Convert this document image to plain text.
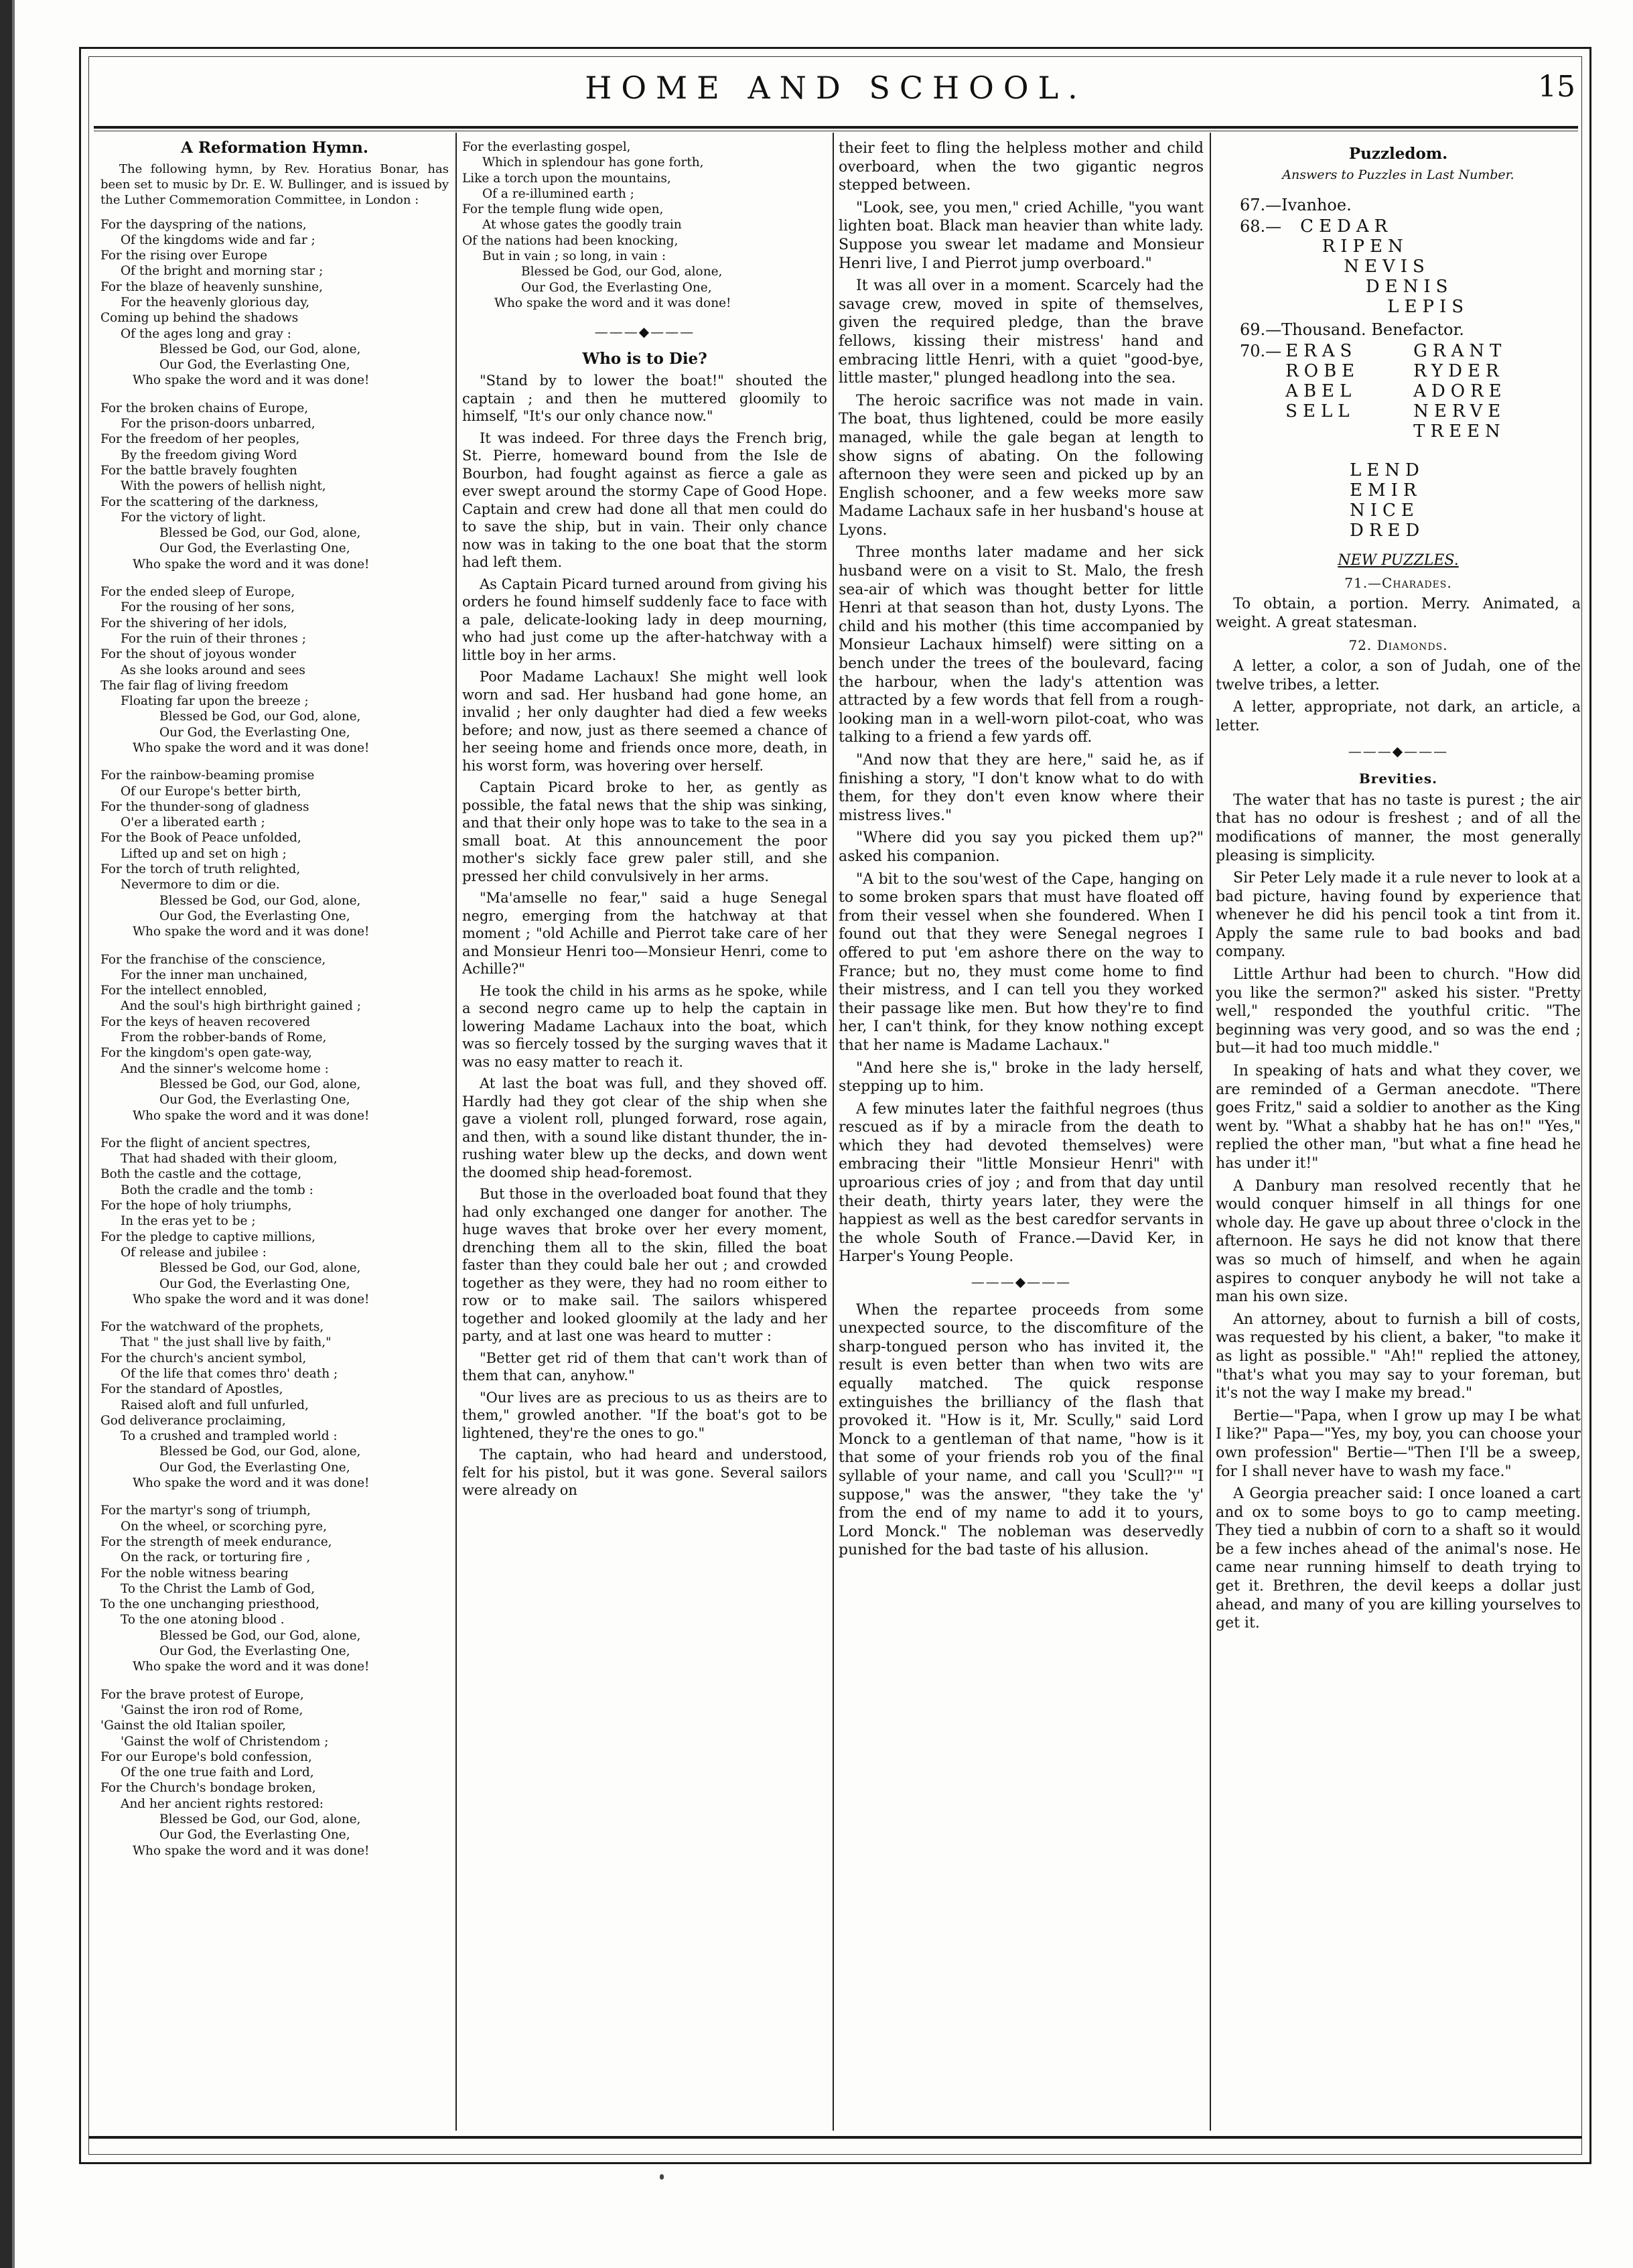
HOME AND SCHOOL.	15
A Reformation Hymn.

The following hymn, by Rev. Horatius Bonar, has been set to music by Dr. E. W. Bullinger, and is issued by the Luther Commemoration Committee, in London :

For the dayspring of the nations,
Of the kingdoms wide and far ;
For the rising over Europe
Of the bright and morning star ;
For the blaze of heavenly sunshine,
For the heavenly glorious day,
Coming up behind the shadows
Of the ages long and gray :
Blessed be God, our God, alone,
Our God, the Everlasting One,
Who spake the word and it was done!
For the broken chains of Europe,
For the prison-doors unbarred,
For the freedom of her peoples,
By the freedom giving Word
For the battle bravely foughten
With the powers of hellish night,
For the scattering of the darkness,
For the victory of light.
Blessed be God, our God, alone,
Our God, the Everlasting One,
Who spake the word and it was done!
For the ended sleep of Europe,
For the rousing of her sons,
For the shivering of her idols,
For the ruin of their thrones ;
For the shout of joyous wonder
As she looks around and sees
The fair flag of living freedom
Floating far upon the breeze ;
Blessed be God, our God, alone,
Our God, the Everlasting One,
Who spake the word and it was done!
For the rainbow-beaming promise
Of our Europe's better birth,
For the thunder-song of gladness
O'er a liberated earth ;
For the Book of Peace unfolded,
Lifted up and set on high ;
For the torch of truth relighted,
Nevermore to dim or die.
Blessed be God, our God, alone,
Our God, the Everlasting One,
Who spake the word and it was done!
For the franchise of the conscience,
For the inner man unchained,
For the intellect ennobled,
And the soul's high birthright gained ;
For the keys of heaven recovered
From the robber-bands of Rome,
For the kingdom's open gate-way,
And the sinner's welcome home :
Blessed be God, our God, alone,
Our God, the Everlasting One,
Who spake the word and it was done!
For the flight of ancient spectres,
That had shaded with their gloom,
Both the castle and the cottage,
Both the cradle and the tomb :
For the hope of holy triumphs,
In the eras yet to be ;
For the pledge to captive millions,
Of release and jubilee :
Blessed be God, our God, alone,
Our God, the Everlasting One,
Who spake the word and it was done!
For the watchward of the prophets,
That " the just shall live by faith,"
For the church's ancient symbol,
Of the life that comes thro' death ;
For the standard of Apostles,
Raised aloft and full unfurled,
God deliverance proclaiming,
To a crushed and trampled world :
Blessed be God, our God, alone,
Our God, the Everlasting One,
Who spake the word and it was done!
For the martyr's song of triumph,
On the wheel, or scorching pyre,
For the strength of meek endurance,
On the rack, or torturing fire ,
For the noble witness bearing
To the Christ the Lamb of God,
To the one unchanging priesthood,
To the one atoning blood .
Blessed be God, our God, alone,
Our God, the Everlasting One,
Who spake the word and it was done!
For the brave protest of Europe,
'Gainst the iron rod of Rome,
'Gainst the old Italian spoiler,
'Gainst the wolf of Christendom ;
For our Europe's bold confession,
Of the one true faith and Lord,
For the Church's bondage broken,
And her ancient rights restored:
Blessed be God, our God, alone,
Our God, the Everlasting One,
Who spake the word and it was done!
For the everlasting gospel,
Which in splendour has gone forth,
Like a torch upon the mountains,
Of a re-illumined earth ;
For the temple flung wide open,
At whose gates the goodly train
Of the nations had been knocking,
But in vain ; so long, in vain :
Blessed be God, our God, alone,
Our God, the Everlasting One,
Who spake the word and it was done!
———◆———
Who is to Die?

"Stand by to lower the boat!" shouted the captain ; and then he muttered gloomily to himself, "It's our only chance now."

It was indeed. For three days the French brig, St. Pierre, homeward bound from the Isle de Bourbon, had fought against as fierce a gale as ever swept around the stormy Cape of Good Hope. Captain and crew had done all that men could do to save the ship, but in vain. Their only chance now was in taking to the one boat that the storm had left them.

As Captain Picard turned around from giving his orders he found himself suddenly face to face with a pale, delicate-looking lady in deep mourning, who had just come up the after-hatchway with a little boy in her arms.

Poor Madame Lachaux! She might well look worn and sad. Her husband had gone home, an invalid ; her only daughter had died a few weeks before; and now, just as there seemed a chance of her seeing home and friends once more, death, in his worst form, was hovering over herself.

Captain Picard broke to her, as gently as possible, the fatal news that the ship was sinking, and that their only hope was to take to the sea in a small boat. At this announcement the poor mother's sickly face grew paler still, and she pressed her child convulsively in her arms.

"Ma'amselle no fear," said a huge Senegal negro, emerging from the hatchway at that moment ; "old Achille and Pierrot take care of her and Monsieur Henri too—Monsieur Henri, come to Achille?"

He took the child in his arms as he spoke, while a second negro came up to help the captain in lowering Madame Lachaux into the boat, which was so fiercely tossed by the surging waves that it was no easy matter to reach it.

At last the boat was full, and they shoved off. Hardly had they got clear of the ship when she gave a violent roll, plunged forward, rose again, and then, with a sound like distant thunder, the in-rushing water blew up the decks, and down went the doomed ship head-foremost.

But those in the overloaded boat found that they had only exchanged one danger for another. The huge waves that broke over her every moment, drenching them all to the skin, filled the boat faster than they could bale her out ; and crowded together as they were, they had no room either to row or to make sail. The sailors whispered together and looked gloomily at the lady and her party, and at last one was heard to mutter :

"Better get rid of them that can't work than of them that can, anyhow."

"Our lives are as precious to us as theirs are to them," growled another. "If the boat's got to be lightened, they're the ones to go."

The captain, who had heard and understood, felt for his pistol, but it was gone. Several sailors were already on

their feet to fling the helpless mother and child overboard, when the two gigantic negros stepped between.

"Look, see, you men," cried Achille, "you want lighten boat. Black man heavier than white lady. Suppose you swear let madame and Monsieur Henri live, I and Pierrot jump overboard."

It was all over in a moment. Scarcely had the savage crew, moved in spite of themselves, given the required pledge, than the brave fellows, kissing their mistress' hand and embracing little Henri, with a quiet "good-bye, little master," plunged headlong into the sea.

The heroic sacrifice was not made in vain. The boat, thus lightened, could be more easily managed, while the gale began at length to show signs of abating. On the following afternoon they were seen and picked up by an English schooner, and a few weeks more saw Madame Lachaux safe in her husband's house at Lyons.

Three months later madame and her sick husband were on a visit to St. Malo, the fresh sea-air of which was thought better for little Henri at that season than hot, dusty Lyons. The child and his mother (this time accompanied by Monsieur Lachaux himself) were sitting on a bench under the trees of the boulevard, facing the harbour, when the lady's attention was attracted by a few words that fell from a rough-looking man in a well-worn pilot-coat, who was talking to a friend a few yards off.

"And now that they are here," said he, as if finishing a story, "I don't know what to do with them, for they don't even know where their mistress lives."

"Where did you say you picked them up?" asked his companion.

"A bit to the sou'west of the Cape, hanging on to some broken spars that must have floated off from their vessel when she foundered. When I found out that they were Senegal negroes I offered to put 'em ashore there on the way to France; but no, they must come home to find their mistress, and I can tell you they worked their passage like men. But how they're to find her, I can't think, for they know nothing except that her name is Madame Lachaux."

"And here she is," broke in the lady herself, stepping up to him.

A few minutes later the faithful negroes (thus rescued as if by a miracle from the death to which they had devoted themselves) were embracing their "little Monsieur Henri" with uproarious cries of joy ; and from that day until their death, thirty years later, they were the happiest as well as the best caredfor servants in the whole South of France.—David Ker, in Harper's Young People.

———◆———

When the repartee proceeds from some unexpected source, to the discomfiture of the sharp-tongued person who has invited it, the result is even better than when two wits are equally matched. The quick response extinguishes the brilliancy of the flash that provoked it. "How is it, Mr. Scully," said Lord Monck to a gentleman of that name, "how is it that some of your friends rob you of the final syllable of your name, and call you 'Scull?'" "I suppose," was the answer, "they take the 'y' from the end of my name to add it to yours, Lord Monck." The nobleman was deservedly punished for the bad taste of his allusion.

Puzzledom.
Answers to Puzzles in Last Number.
67.—Ivanhoe.
68.— CEDAR
RIPEN
NEVIS
DENIS
LEPIS
69.—Thousand. Benefactor.
70.— ERAS
ROBE
ABEL
SELL
GRANT
RYDER
ADORE
NERVE
TREEN
LEND
EMIR
NICE
DRED
NEW PUZZLES.
71.—Charades.

To obtain, a portion. Merry. Animated, a weight. A great statesman.

72. Diamonds.

A letter, a color, a son of Judah, one of the twelve tribes, a letter.

A letter, appropriate, not dark, an article, a letter.

———◆———
Brevities.

The water that has no taste is purest ; the air that has no odour is freshest ; and of all the modifications of manner, the most generally pleasing is simplicity.

Sir Peter Lely made it a rule never to look at a bad picture, having found by experience that whenever he did his pencil took a tint from it. Apply the same rule to bad books and bad company.

Little Arthur had been to church. "How did you like the sermon?" asked his sister. "Pretty well," responded the youthful critic. "The beginning was very good, and so was the end ; but—it had too much middle."

In speaking of hats and what they cover, we are reminded of a German anecdote. "There goes Fritz," said a soldier to another as the King went by. "What a shabby hat he has on!" "Yes," replied the other man, "but what a fine head he has under it!"

A Danbury man resolved recently that he would conquer himself in all things for one whole day. He gave up about three o'clock in the afternoon. He says he did not know that there was so much of himself, and when he again aspires to conquer anybody he will not take a man his own size.

An attorney, about to furnish a bill of costs, was requested by his client, a baker, "to make it as light as possible." "Ah!" replied the attoney, "that's what you may say to your foreman, but it's not the way I make my bread."

Bertie—"Papa, when I grow up may I be what I like?" Papa—"Yes, my boy, you can choose your own profession" Bertie—"Then I'll be a sweep, for I shall never have to wash my face."

A Georgia preacher said: I once loaned a cart and ox to some boys to go to camp meeting. They tied a nubbin of corn to a shaft so it would be a few inches ahead of the animal's nose. He came near running himself to death trying to get it. Brethren, the devil keeps a dollar just ahead, and many of you are killing yourselves to get it.
